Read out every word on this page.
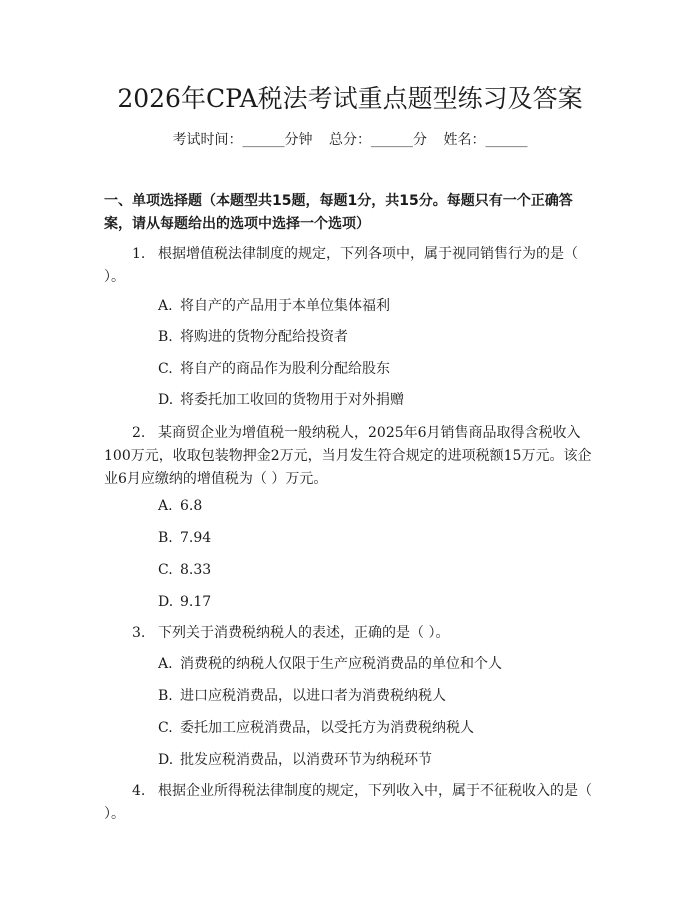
2026年CPA税法考试重点题型练习及答案
考试时间：______分钟 总分：______分 姓名：______
一、单项选择题（本题型共15题，每题1分，共15分。每题只有一个正确答案，请从每题给出的选项中选择一个选项）
1. 根据增值税法律制度的规定，下列各项中，属于视同销售行为的是（ ）。
A. 将自产的产品用于本单位集体福利
B. 将购进的货物分配给投资者
C. 将自产的商品作为股利分配给股东
D. 将委托加工收回的货物用于对外捐赠
2. 某商贸企业为增值税一般纳税人，2025年6月销售商品取得含税收入100万元，收取包装物押金2万元，当月发生符合规定的进项税额15万元。该企业6月应缴纳的增值税为（ ）万元。
A. 6.8
B. 7.94
C. 8.33
D. 9.17
3. 下列关于消费税纳税人的表述，正确的是（ ）。
A. 消费税的纳税人仅限于生产应税消费品的单位和个人
B. 进口应税消费品，以进口者为消费税纳税人
C. 委托加工应税消费品，以受托方为消费税纳税人
D. 批发应税消费品，以消费环节为纳税环节
4. 根据企业所得税法律制度的规定，下列收入中，属于不征税收入的是（ ）。
